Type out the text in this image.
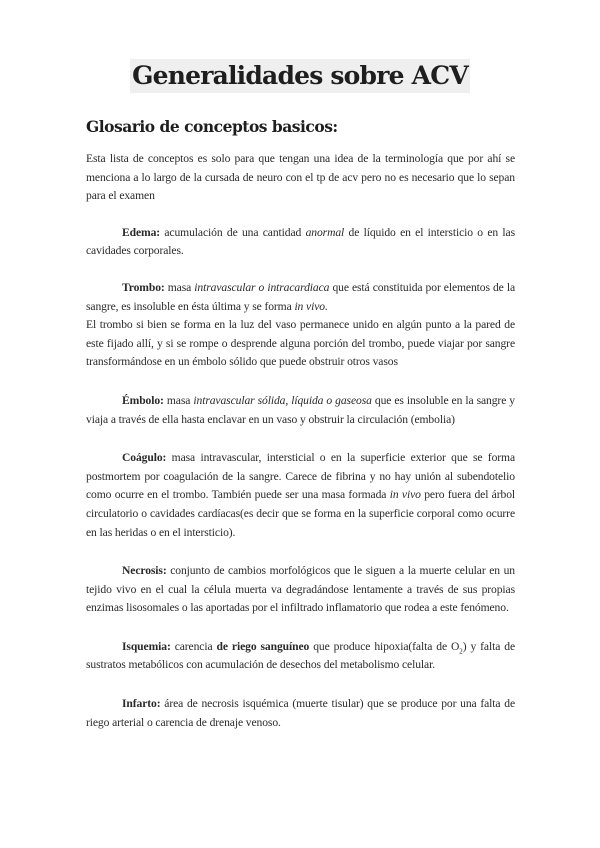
Generalidades sobre ACV
Glosario de conceptos basicos:

Esta lista de conceptos es solo para que tengan una idea de la terminología que por ahí se menciona a lo largo de la cursada de neuro con el tp de acv pero no es necesario que lo sepan para el examen

Edema: acumulación de una cantidad anormal de líquido en el intersticio o en las cavidades corporales.

Trombo: masa intravascular o intracardiaca que está constituida por elementos de la sangre, es insoluble en ésta última y se forma in vivo.

El trombo si bien se forma en la luz del vaso permanece unido en algún punto a la pared de este fijado allí, y si se rompe o desprende alguna porción del trombo, puede viajar por sangre transformándose en un émbolo sólido que puede obstruir otros vasos

Émbolo: masa intravascular sólida, líquida o gaseosa que es insoluble en la sangre y viaja a través de ella hasta enclavar en un vaso y obstruir la circulación (embolia)

Coágulo: masa intravascular, intersticial o en la superficie exterior que se forma postmortem por coagulación de la sangre. Carece de fibrina y no hay unión al subendotelio como ocurre en el trombo. También puede ser una masa formada in vivo pero fuera del árbol circulatorio o cavidades cardíacas(es decir que se forma en la superficie corporal como ocurre en las heridas o en el intersticio).

Necrosis: conjunto de cambios morfológicos que le siguen a la muerte celular en un tejido vivo en el cual la célula muerta va degradándose lentamente a través de sus propias enzimas lisosomales o las aportadas por el infiltrado inflamatorio que rodea a este fenómeno.

Isquemia: carencia de riego sanguíneo que produce hipoxia(falta de $O_2$) y falta de sustratos metabólicos con acumulación de desechos del metabolismo celular.

Infarto: área de necrosis isquémica (muerte tisular) que se produce por una falta de riego arterial o carencia de drenaje venoso.
